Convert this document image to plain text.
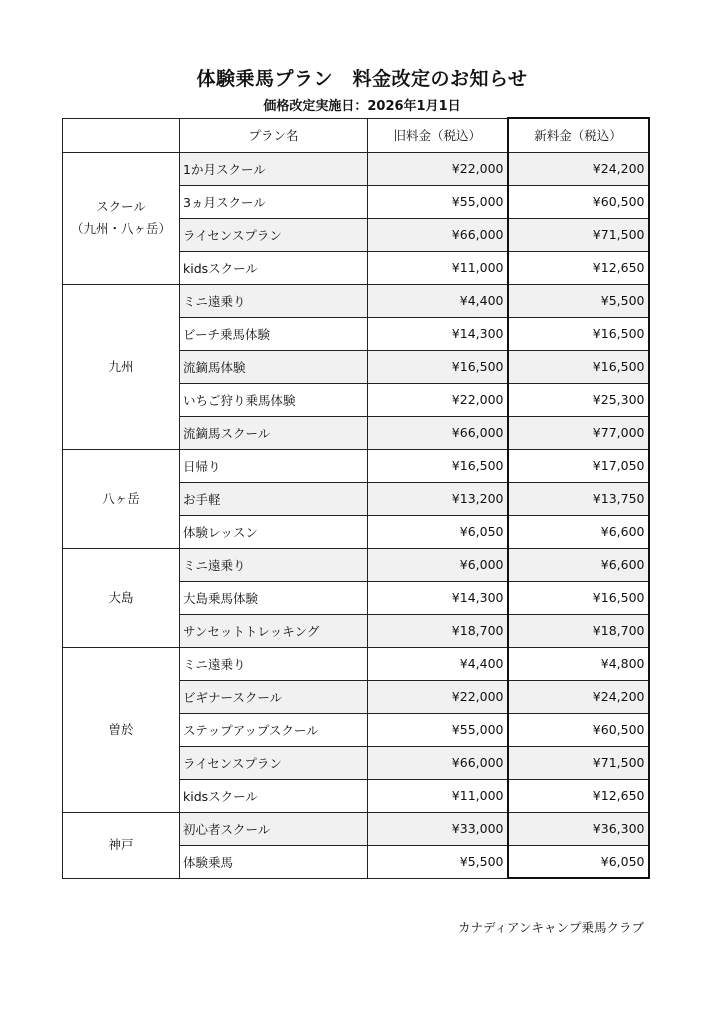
体験乗馬プラン　料金改定のお知らせ
価格改定実施日：2026年1月1日
	プラン名	旧料金（税込）	新料金（税込）

スクール
（九州・八ヶ岳）	1か月スクール	¥22,000	¥24,200
	3ヵ月スクール	¥55,000	¥60,500
	ライセンスプラン	¥66,000	¥71,500
	kidsスクール	¥11,000	¥12,650

九州	ミニ遠乗り	¥4,400	¥5,500
	ビーチ乗馬体験	¥14,300	¥16,500
	流鏑馬体験	¥16,500	¥16,500
	いちご狩り乗馬体験	¥22,000	¥25,300
	流鏑馬スクール	¥66,000	¥77,000

八ヶ岳	日帰り	¥16,500	¥17,050
	お手軽	¥13,200	¥13,750
	体験レッスン	¥6,050	¥6,600

大島	ミニ遠乗り	¥6,000	¥6,600
	大島乗馬体験	¥14,300	¥16,500
	サンセットトレッキング	¥18,700	¥18,700

曽於	ミニ遠乗り	¥4,400	¥4,800
	ビギナースクール	¥22,000	¥24,200
	ステップアップスクール	¥55,000	¥60,500
	ライセンスプラン	¥66,000	¥71,500
	kidsスクール	¥11,000	¥12,650

神戸	初心者スクール	¥33,000	¥36,300
	体験乗馬	¥5,500	¥6,050
カナディアンキャンプ乗馬クラブ
